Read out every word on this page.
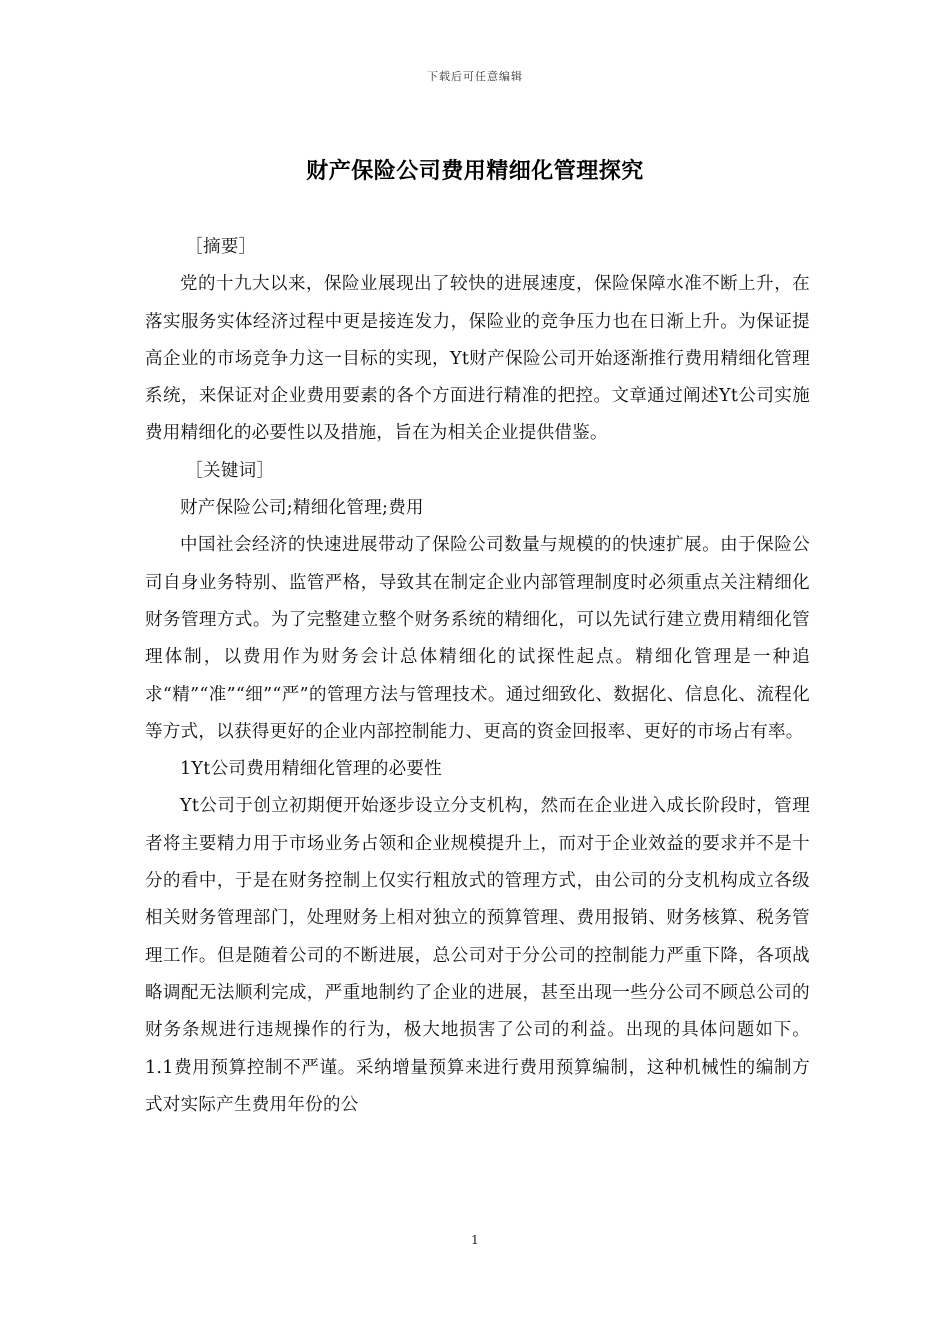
下载后可任意编辑
财产保险公司费用精细化管理探究

［摘要］

党的十九大以来，保险业展现出了较快的进展速度，保险保障水准不断上升，在落实服务实体经济过程中更是接连发力，保险业的竞争压力也在日渐上升。为保证提高企业的市场竞争力这一目标的实现，Yt财产保险公司开始逐渐推行费用精细化管理系统，来保证对企业费用要素的各个方面进行精准的把控。文章通过阐述Yt公司实施费用精细化的必要性以及措施，旨在为相关企业提供借鉴。

［关键词］

财产保险公司;精细化管理;费用

中国社会经济的快速进展带动了保险公司数量与规模的的快速扩展。由于保险公司自身业务特别、监管严格，导致其在制定企业内部管理制度时必须重点关注精细化财务管理方式。为了完整建立整个财务系统的精细化，可以先试行建立费用精细化管理体制，以费用作为财务会计总体精细化的试探性起点。精细化管理是一种追求“精”“准”“细”“严”的管理方法与管理技术。通过细致化、数据化、信息化、流程化等方式，以获得更好的企业内部控制能力、更高的资金回报率、更好的市场占有率。

1Yt公司费用精细化管理的必要性

Yt公司于创立初期便开始逐步设立分支机构，然而在企业进入成长阶段时，管理者将主要精力用于市场业务占领和企业规模提升上，而对于企业效益的要求并不是十分的看中，于是在财务控制上仅实行粗放式的管理方式，由公司的分支机构成立各级相关财务管理部门，处理财务上相对独立的预算管理、费用报销、财务核算、税务管理工作。但是随着公司的不断进展，总公司对于分公司的控制能力严重下降，各项战略调配无法顺利完成，严重地制约了企业的进展，甚至出现一些分公司不顾总公司的财务条规进行违规操作的行为，极大地损害了公司的利益。出现的具体问题如下。1.1费用预算控制不严谨。采纳增量预算来进行费用预算编制，这种机械性的编制方式对实际产生费用年份的公

1
